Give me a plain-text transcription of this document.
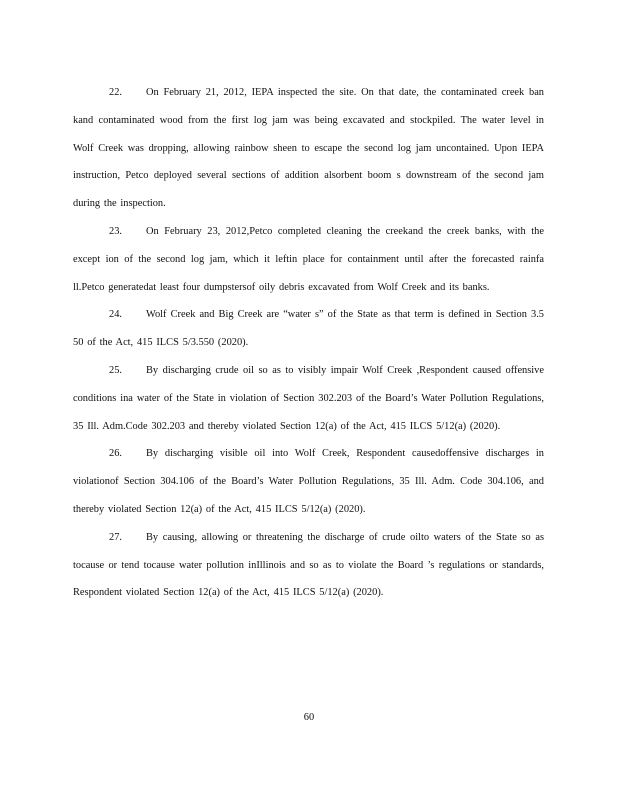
22. On February 21, 2012, IEPA inspected the site. On that date, the contaminated creek ban kand contaminated wood from the first log jam was being excavated and stockpiled. The water level in Wolf Creek was dropping, allowing rainbow sheen to escape the second log jam uncontained. Upon IEPA instruction, Petco deployed several sections of addition alsorbent boom s downstream of the second jam during the inspection.

23. On February 23, 2012,Petco completed cleaning the creekand the creek banks, with the except ion of the second log jam, which it leftin place for containment until after the forecasted rainfa ll.Petco generatedat least four dumpstersof oily debris excavated from Wolf Creek and its banks.

24. Wolf Creek and Big Creek are “water s” of the State as that term is defined in Section 3.5 50 of the Act, 415 ILCS 5/3.550 (2020).

25. By discharging crude oil so as to visibly impair Wolf Creek ,Respondent caused offensive conditions ina water of the State in violation of Section 302.203 of the Board’s Water Pollution Regulations, 35 Ill. Adm.Code 302.203 and thereby violated Section 12(a) of the Act, 415 ILCS 5/12(a) (2020).

26. By discharging visible oil into Wolf Creek, Respondent causedoffensive discharges in violationof Section 304.106 of the Board’s Water Pollution Regulations, 35 Ill. Adm. Code 304.106, and thereby violated Section 12(a) of the Act, 415 ILCS 5/12(a) (2020).

27. By causing, allowing or threatening the discharge of crude oilto waters of the State so as tocause or tend tocause water pollution inIllinois and so as to violate the Board ’s regulations or standards, Respondent violated Section 12(a) of the Act, 415 ILCS 5/12(a) (2020).

60
